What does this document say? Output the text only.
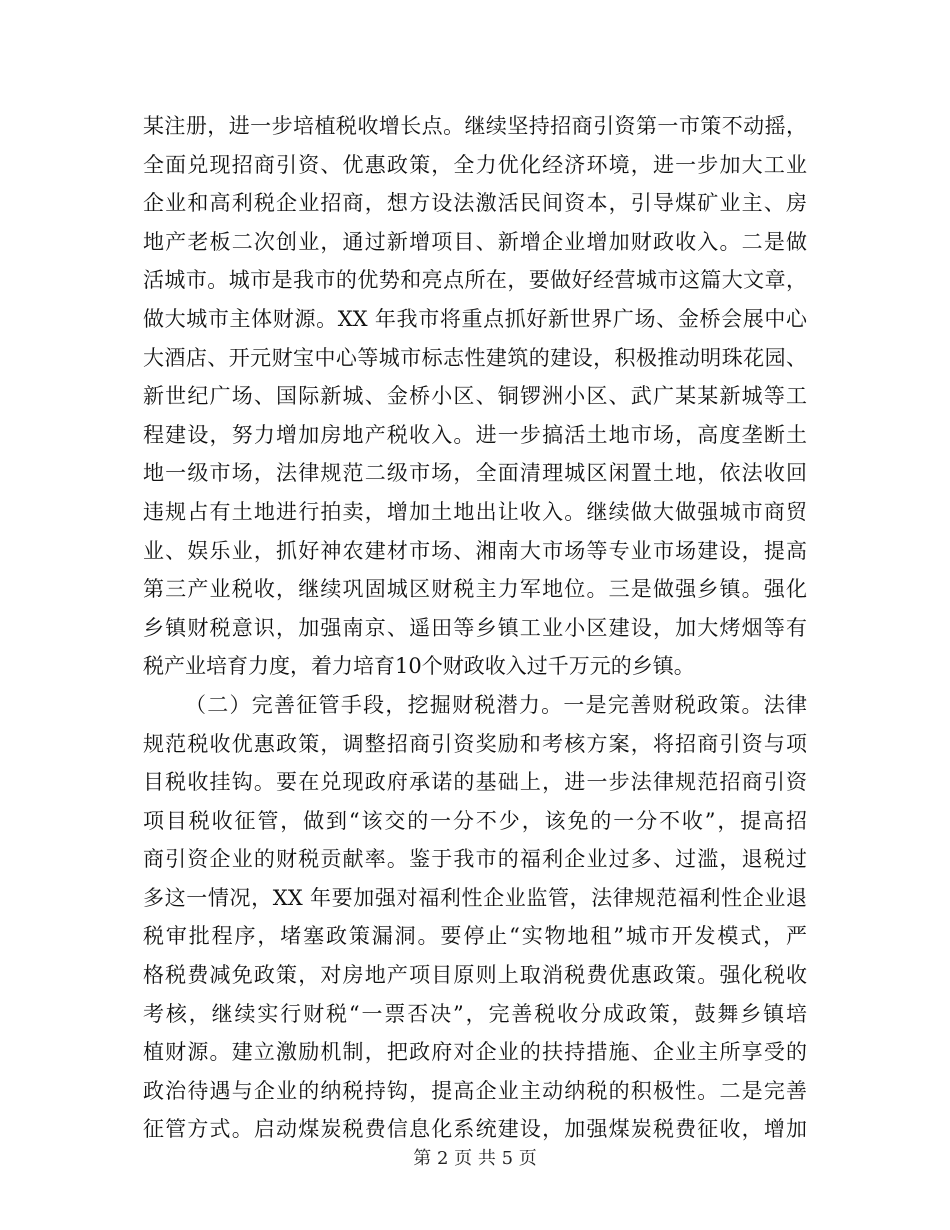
某注册，进一步培植税收增长点。继续坚持招商引资第一市策不动摇，
全面兑现招商引资、优惠政策，全力优化经济环境，进一步加大工业
企业和高利税企业招商，想方设法激活民间资本，引导煤矿业主、房
地产老板二次创业，通过新增项目、新增企业增加财政收入。二是做
活城市。城市是我市的优势和亮点所在，要做好经营城市这篇大文章，
做大城市主体财源。XX 年我市将重点抓好新世界广场、金桥会展中心
大酒店、开元财宝中心等城市标志性建筑的建设，积极推动明珠花园、
新世纪广场、国际新城、金桥小区、铜锣洲小区、武广某某新城等工
程建设，努力增加房地产税收入。进一步搞活土地市场，高度垄断土
地一级市场，法律规范二级市场，全面清理城区闲置土地，依法收回
违规占有土地进行拍卖，增加土地出让收入。继续做大做强城市商贸
业、娱乐业，抓好神农建材市场、湘南大市场等专业市场建设，提高
第三产业税收，继续巩固城区财税主力军地位。三是做强乡镇。强化
乡镇财税意识，加强南京、遥田等乡镇工业小区建设，加大烤烟等有
税产业培育力度，着力培育10个财政收入过千万元的乡镇。
（二）完善征管手段，挖掘财税潜力。一是完善财税政策。法律
规范税收优惠政策，调整招商引资奖励和考核方案，将招商引资与项
目税收挂钩。要在兑现政府承诺的基础上，进一步法律规范招商引资
项目税收征管，做到“该交的一分不少，该免的一分不收”，提高招
商引资企业的财税贡献率。鉴于我市的福利企业过多、过滥，退税过
多这一情况，XX 年要加强对福利性企业监管，法律规范福利性企业退
税审批程序，堵塞政策漏洞。要停止“实物地租”城市开发模式，严
格税费减免政策，对房地产项目原则上取消税费优惠政策。强化税收
考核，继续实行财税“一票否决”，完善税收分成政策，鼓舞乡镇培
植财源。建立激励机制，把政府对企业的扶持措施、企业主所享受的
政治待遇与企业的纳税持钩，提高企业主动纳税的积极性。二是完善
征管方式。启动煤炭税费信息化系统建设，加强煤炭税费征收，增加
第 2 页 共 5 页
